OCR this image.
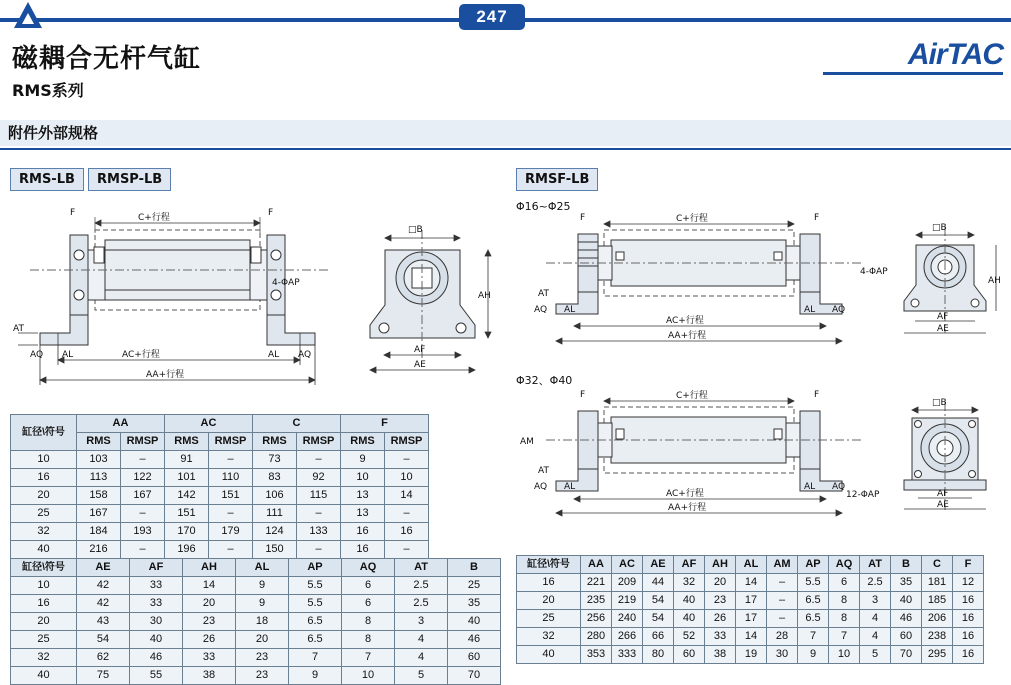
247
磁耦合无杆气缸
RMS系列
AirTAC
附件外部规格
RMS-LB	RMSP-LB	RMSF-LB
Φ16~Φ25
Φ32、Φ40
C+行程
F	F
AC+行程
AA+行程
AT
AQ AL	AL AQ
4-ΦAP
□B
AH
AF
AE
C+行程
F	F
AC+行程
AA+行程
AT
AQ AL	AL AQ
□B
AH
AF
AE
4-ΦAP
C+行程
F	F
AC+行程
AA+行程
AT
AQ AL	AL AQ
□B
AF
AE
12-ΦAP
AM
缸径\符号	AA		AC		C		F	
	RMS	RMSP	RMS	RMSP	RMS	RMSP	RMS	RMSP
10	103	–	91	–	73	–	9	–
16	113	122	101	110	83	92	10	10
20	158	167	142	151	106	115	13	14
25	167	–	151	–	111	–	13	–
32	184	193	170	179	124	133	16	16
40	216	–	196	–	150	–	16	–
缸径\符号	AE	AF	AH	AL	AP	AQ	AT	B
10	42	33	14	9	5.5	6	2.5	25
16	42	33	20	9	5.5	6	2.5	35
20	43	30	23	18	6.5	8	3	40
25	54	40	26	20	6.5	8	4	46
32	62	46	33	23	7	7	4	60
40	75	55	38	23	9	10	5	70
缸径\符号	AA	AC	AE	AF	AH	AL	AM	AP	AQ	AT	B	C	F
16	221	209	44	32	20	14	–	5.5	6	2.5	35	181	12
20	235	219	54	40	23	17	–	6.5	8	3	40	185	16
25	256	240	54	40	26	17	–	6.5	8	4	46	206	16
32	280	266	66	52	33	14	28	7	7	4	60	238	16
40	353	333	80	60	38	19	30	9	10	5	70	295	16
